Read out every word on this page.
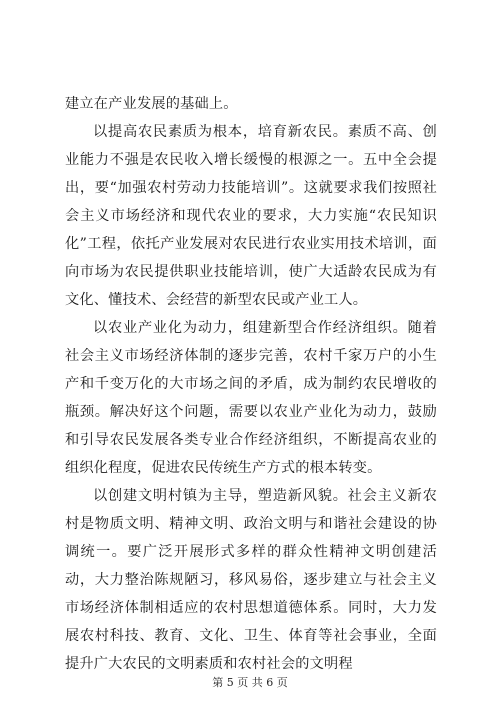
建立在产业发展的基础上。

以提高农民素质为根本，培育新农民。素质不高、创业能力不强是农民收入增长缓慢的根源之一。五中全会提出，要“加强农村劳动力技能培训”。这就要求我们按照社会主义市场经济和现代农业的要求，大力实施“农民知识化”工程，依托产业发展对农民进行农业实用技术培训，面向市场为农民提供职业技能培训，使广大适龄农民成为有文化、懂技术、会经营的新型农民或产业工人。

以农业产业化为动力，组建新型合作经济组织。随着社会主义市场经济体制的逐步完善，农村千家万户的小生产和千变万化的大市场之间的矛盾，成为制约农民增收的瓶颈。解决好这个问题，需要以农业产业化为动力，鼓励和引导农民发展各类专业合作经济组织，不断提高农业的组织化程度，促进农民传统生产方式的根本转变。

以创建文明村镇为主导，塑造新风貌。社会主义新农村是物质文明、精神文明、政治文明与和谐社会建设的协调统一。要广泛开展形式多样的群众性精神文明创建活动，大力整治陈规陋习，移风易俗，逐步建立与社会主义市场经济体制相适应的农村思想道德体系。同时，大力发展农村科技、教育、文化、卫生、体育等社会事业，全面提升广大农民的文明素质和农村社会的文明程

第 5 页 共 6 页
